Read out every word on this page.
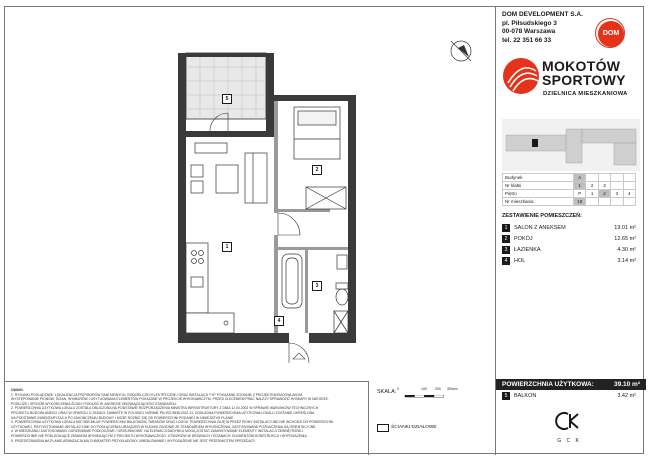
1
2
3
4
5

UWAGI:

1. RYSUNKI POGLĄDOWE. LOKALIZACJA PRZYBORÓW SANITARNYCH, RODZIELCZEJ ELEKTRYCZNEJ ORAZ INSTALACJI TYP. POKAZANE ZGODNIE Z PROJEKTEM BUDOWLANYM.

WYSTĘPOWANIE PIONÓW, ŚCIAN, WYMIARÓW I USYTUOWANIA ELEMENTÓW POKAZANE W PROJEKCIE WYKONAWCZYM. PRZED ZLECENIEM PRAC NALEŻY SPRAWDZIĆ WYMIARY W NATURZE.

PODŁOŻE I SPOSÓB WYKOŃCZENIA ŚCIAN I PODŁÓG W ZAKRESIE OBOWIĄZUJĄCEGO STANDARDU.

2. POWIERZCHNIA UŻYTKOWA LOKALU ZOSTAŁA OBLICZONA NA PODSTAWIE ROZPORZĄDZENIA MINISTRA INFRASTRUKTURY Z DNIA 12.04.2002 W SPRAWIE WARUNKÓW TECHNICZNYCH.

PROJEKTU BUDOWLANEGO ORAZ W OPARCIU O ZASADY ZAWARTE W POLSKIEJ NORMIE PN-ISO 9836:2022-11. DOKŁADNA POWIERZCHNIA UŻYTKOWA LOKALU ZOSTANIE OKREŚLONA

NA PODSTAWIE INWENTARYZACJI PO ZAKOŃCZENIU BUDOWY I MOŻE RÓŻNIĆ SIĘ OD POWIERZCHNI PODANEJ W NINIEJSZYM PLANIE.

3. POWIERZCHNIA UŻYTKOWA LOKALU NIE OBEJMUJE POWIERZCHNI BALKONÓW, TARASÓW ORAZ LOGGII. POWIERZCHNIA ZAJĘTA PRZEZ PIONY INSTALACYJNE NIE WCHODZI DO POWIERZCHNI

UŻYTKOWEJ. PRZYGOTOWANIE INSTALACYJNE DO PODŁĄCZENIA URZĄDZEŃ W KUCHNI ZGODNIE ZE STANDARDEM WYKOŃCZENIA. ZASTOSOWANE POZNACZENIA SĄ ORIENTACYJNE.

4. W MIESZKANIU ZASTOSOWANO OGRZEWANIE PODŁOGOWE / GRZEJNIKOWE. NA ELEWACJI BUDYNKU MOGĄ ZOSTAĆ ZAMONTOWANE ELEMENTY INSTALACJI ZEWNĘTRZNEJ.

POWIERZCHNIE NIE PODLEGAJĄCE ZMIANOM WYNIKAJĄCYM Z PROJEKTU WYKONAWCZEGO, OTWORÓW W DRZWIACH I ŚCIANACH, ELEMENTÓW KONSTRUKCJI I WYPOSAŻENIA.

5. PRZEDSTAWIONA NA PLANIE ARANŻACJA MA CHARAKTER PRZYKŁADOWY. UMEBLOWANIE I WYPOSAŻENIE NIE JEST PRZEDMIOTEM SPRZEDAŻY.

SKALA: 0	100 200 300cm
ŚCIANKI DZIAŁOWE
DOM DEVELOPMENT S.A.
pl. Piłsudskiego 3
00-078 Warszawa
tel. 22 351 66 33
DOM
MOKOTÓW
SPORTOWY
DZIELNICA MIESZKANIOWA
Budynek	A				
Nr klatki	1	2	3		
Piętro	P	1	2	3	4
Nr mieszkania	10				
ZESTAWIENIE POMIESZCZEŃ:
1	SALON Z ANEKSEM	19.01 m²
2	POKÓJ	12.65 m²
3	ŁAZIENKA	4.30 m²
4	HOL	3.14 m²
POWIERZCHNIA UŻYTKOWA:	39.10 m²
5	BALKON	3.42 m²
G C K
